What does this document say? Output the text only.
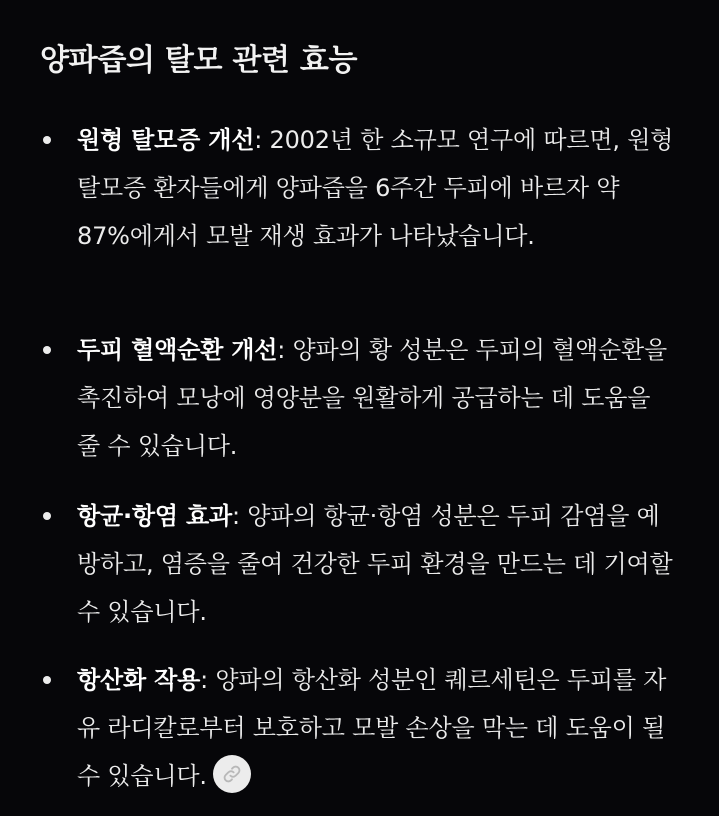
양파즙의 탈모 관련 효능
원형 탈모증 개선: 2002년 한 소규모 연구에 따르면, 원형 탈모증 환자들에게 양파즙을 6주간 두피에 바르자 약 87%에게서 모발 재생 효과가 나타났습니다.
두피 혈액순환 개선: 양파의 황 성분은 두피의 혈액순환을 촉진하여 모낭에 영양분을 원활하게 공급하는 데 도움을 줄 수 있습니다.
항균·항염 효과: 양파의 항균·항염 성분은 두피 감염을 예방하고, 염증을 줄여 건강한 두피 환경을 만드는 데 기여할 수 있습니다.
항산화 작용: 양파의 항산화 성분인 퀘르세틴은 두피를 자유 라디칼로부터 보호하고 모발 손상을 막는 데 도움이 될 수 있습니다.
